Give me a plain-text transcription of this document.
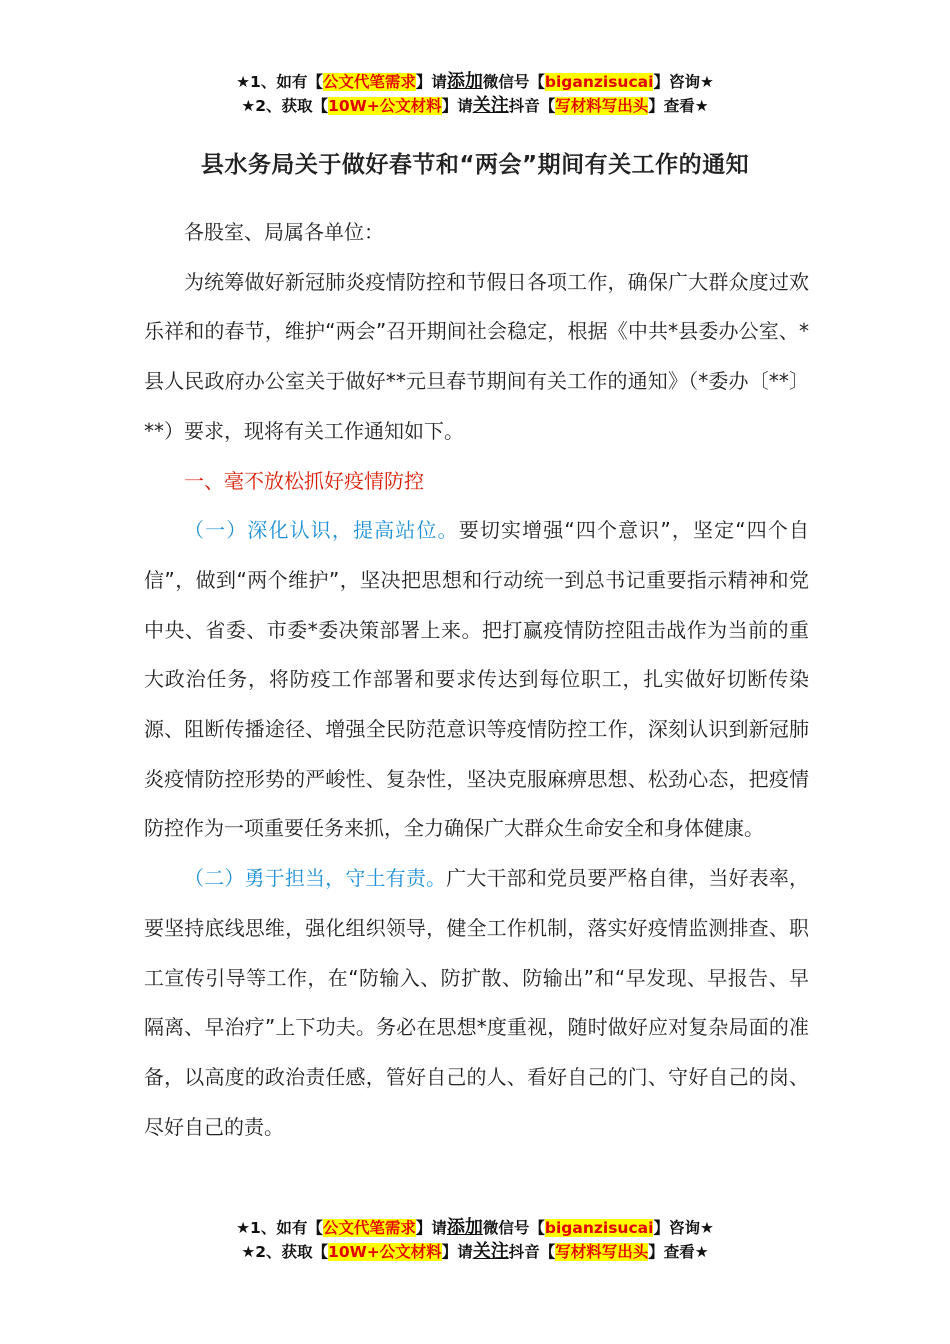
★1、如有【公文代笔需求】请添加微信号【biganzisucai】咨询★
★2、获取【10W+公文材料】请关注抖音【写材料写出头】查看★
县水务局关于做好春节和“两会”期间有关工作的通知

各股室、局属各单位：

为统筹做好新冠肺炎疫情防控和节假日各项工作，确保广大群众度过欢乐祥和的春节，维护“两会”召开期间社会稳定，根据《中共*县委办公室、*县人民政府办公室关于做好**元旦春节期间有关工作的通知》（*委办〔**〕**）要求，现将有关工作通知如下。

一、毫不放松抓好疫情防控

（一）深化认识，提高站位。要切实增强“四个意识”，坚定“四个自信”，做到“两个维护”，坚决把思想和行动统一到总书记重要指示精神和党中央、省委、市委*委决策部署上来。把打赢疫情防控阻击战作为当前的重大政治任务，将防疫工作部署和要求传达到每位职工，扎实做好切断传染源、阻断传播途径、增强全民防范意识等疫情防控工作，深刻认识到新冠肺炎疫情防控形势的严峻性、复杂性，坚决克服麻痹思想、松劲心态，把疫情防控作为一项重要任务来抓，全力确保广大群众生命安全和身体健康。

（二）勇于担当，守土有责。广大干部和党员要严格自律，当好表率，要坚持底线思维，强化组织领导，健全工作机制，落实好疫情监测排查、职工宣传引导等工作，在“防输入、防扩散、防输出”和“早发现、早报告、早隔离、早治疗”上下功夫。务必在思想*度重视，随时做好应对复杂局面的准备，以高度的政治责任感，管好自己的人、看好自己的门、守好自己的岗、尽好自己的责。

★1、如有【公文代笔需求】请添加微信号【biganzisucai】咨询★
★2、获取【10W+公文材料】请关注抖音【写材料写出头】查看★
